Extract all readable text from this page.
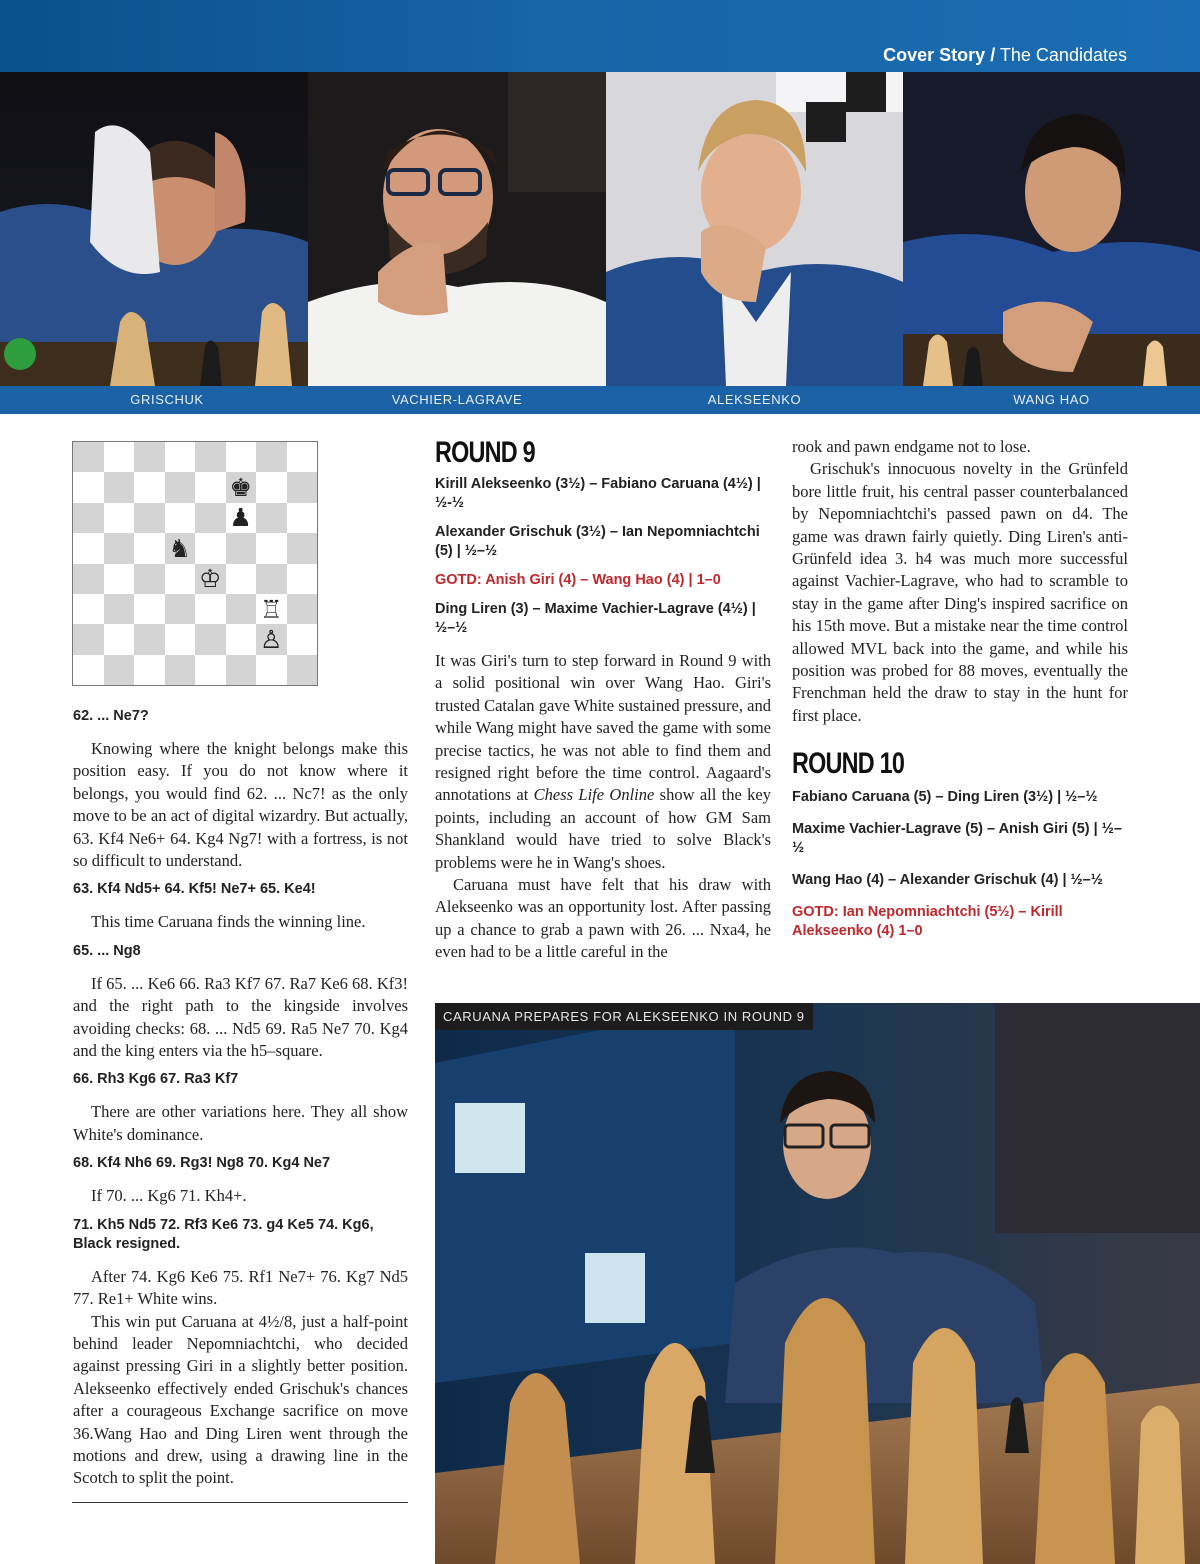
Cover Story / The Candidates
GRISCHUK	VACHIER-LAGRAVE	ALEKSEENKO	WANG HAO
♚
♟
♞
♔
♖
♙
62. ... Ne7?

Knowing where the knight belongs make this position easy. If you do not know where it belongs, you would find 62. ... Nc7! as the only move to be an act of digital wizardry. But actually, 63. Kf4 Ne6+ 64. Kg4 Ng7! with a fortress, is not so difficult to understand.

63. Kf4 Nd5+ 64. Kf5! Ne7+ 65. Ke4!

This time Caruana finds the winning line.

65. ... Ng8

If 65. ... Ke6 66. Ra3 Kf7 67. Ra7 Ke6 68. Kf3! and the right path to the kingside involves avoiding checks: 68. ... Nd5 69. Ra5 Ne7 70. Kg4 and the king enters via the h5–square.

66. Rh3 Kg6 67. Ra3 Kf7

There are other variations here. They all show White's dominance.

68. Kf4 Nh6 69. Rg3! Ng8 70. Kg4 Ne7

If 70. ... Kg6 71. Kh4+.

71. Kh5 Nd5 72. Rf3 Ke6 73. g4 Ke5 74. Kg6, Black resigned.

After 74. Kg6 Ke6 75. Rf1 Ne7+ 76. Kg7 Nd5 77. Re1+ White wins.

This win put Caruana at 4½/8, just a half-point behind leader Nepomniachtchi, who decided against pressing Giri in a slightly better position. Alekseenko effectively ended Grischuk's chances after a courageous Exchange sacrifice on move 36.Wang Hao and Ding Liren went through the motions and drew, using a drawing line in the Scotch to split the point.

ROUND 9
Kirill Alekseenko (3½) – Fabiano Caruana (4½) | ½-½
Alexander Grischuk (3½) – Ian Nepomniachtchi (5) | ½–½
GOTD: Anish Giri (4) – Wang Hao (4) | 1–0
Ding Liren (3) – Maxime Vachier-Lagrave (4½) | ½–½

It was Giri's turn to step forward in Round 9 with a solid positional win over Wang Hao. Giri's trusted Catalan gave White sustained pressure, and while Wang might have saved the game with some precise tactics, he was not able to find them and resigned right before the time control. Aagaard's annotations at Chess Life Online show all the key points, including an account of how GM Sam Shankland would have tried to solve Black's problems were he in Wang's shoes.

Caruana must have felt that his draw with Alekseenko was an opportunity lost. After passing up a chance to grab a pawn with 26. ... Nxa4, he even had to be a little careful in the

rook and pawn endgame not to lose.

Grischuk's innocuous novelty in the Grünfeld bore little fruit, his central passer counterbalanced by Nepomniachtchi's passed pawn on d4. The game was drawn fairly quietly. Ding Liren's anti-Grünfeld idea 3. h4 was much more successful against Vachier-Lagrave, who had to scramble to stay in the game after Ding's inspired sacrifice on his 15th move. But a mistake near the time control allowed MVL back into the game, and while his position was probed for 88 moves, eventually the Frenchman held the draw to stay in the hunt for first place.

ROUND 10
Fabiano Caruana (5) – Ding Liren (3½) | ½–½
Maxime Vachier-Lagrave (5) – Anish Giri (5) | ½–½
Wang Hao (4) – Alexander Grischuk (4) | ½–½
GOTD: Ian Nepomniachtchi (5½) – Kirill Alekseenko (4) 1–0
CARUANA PREPARES FOR ALEKSEENKO IN ROUND 9
